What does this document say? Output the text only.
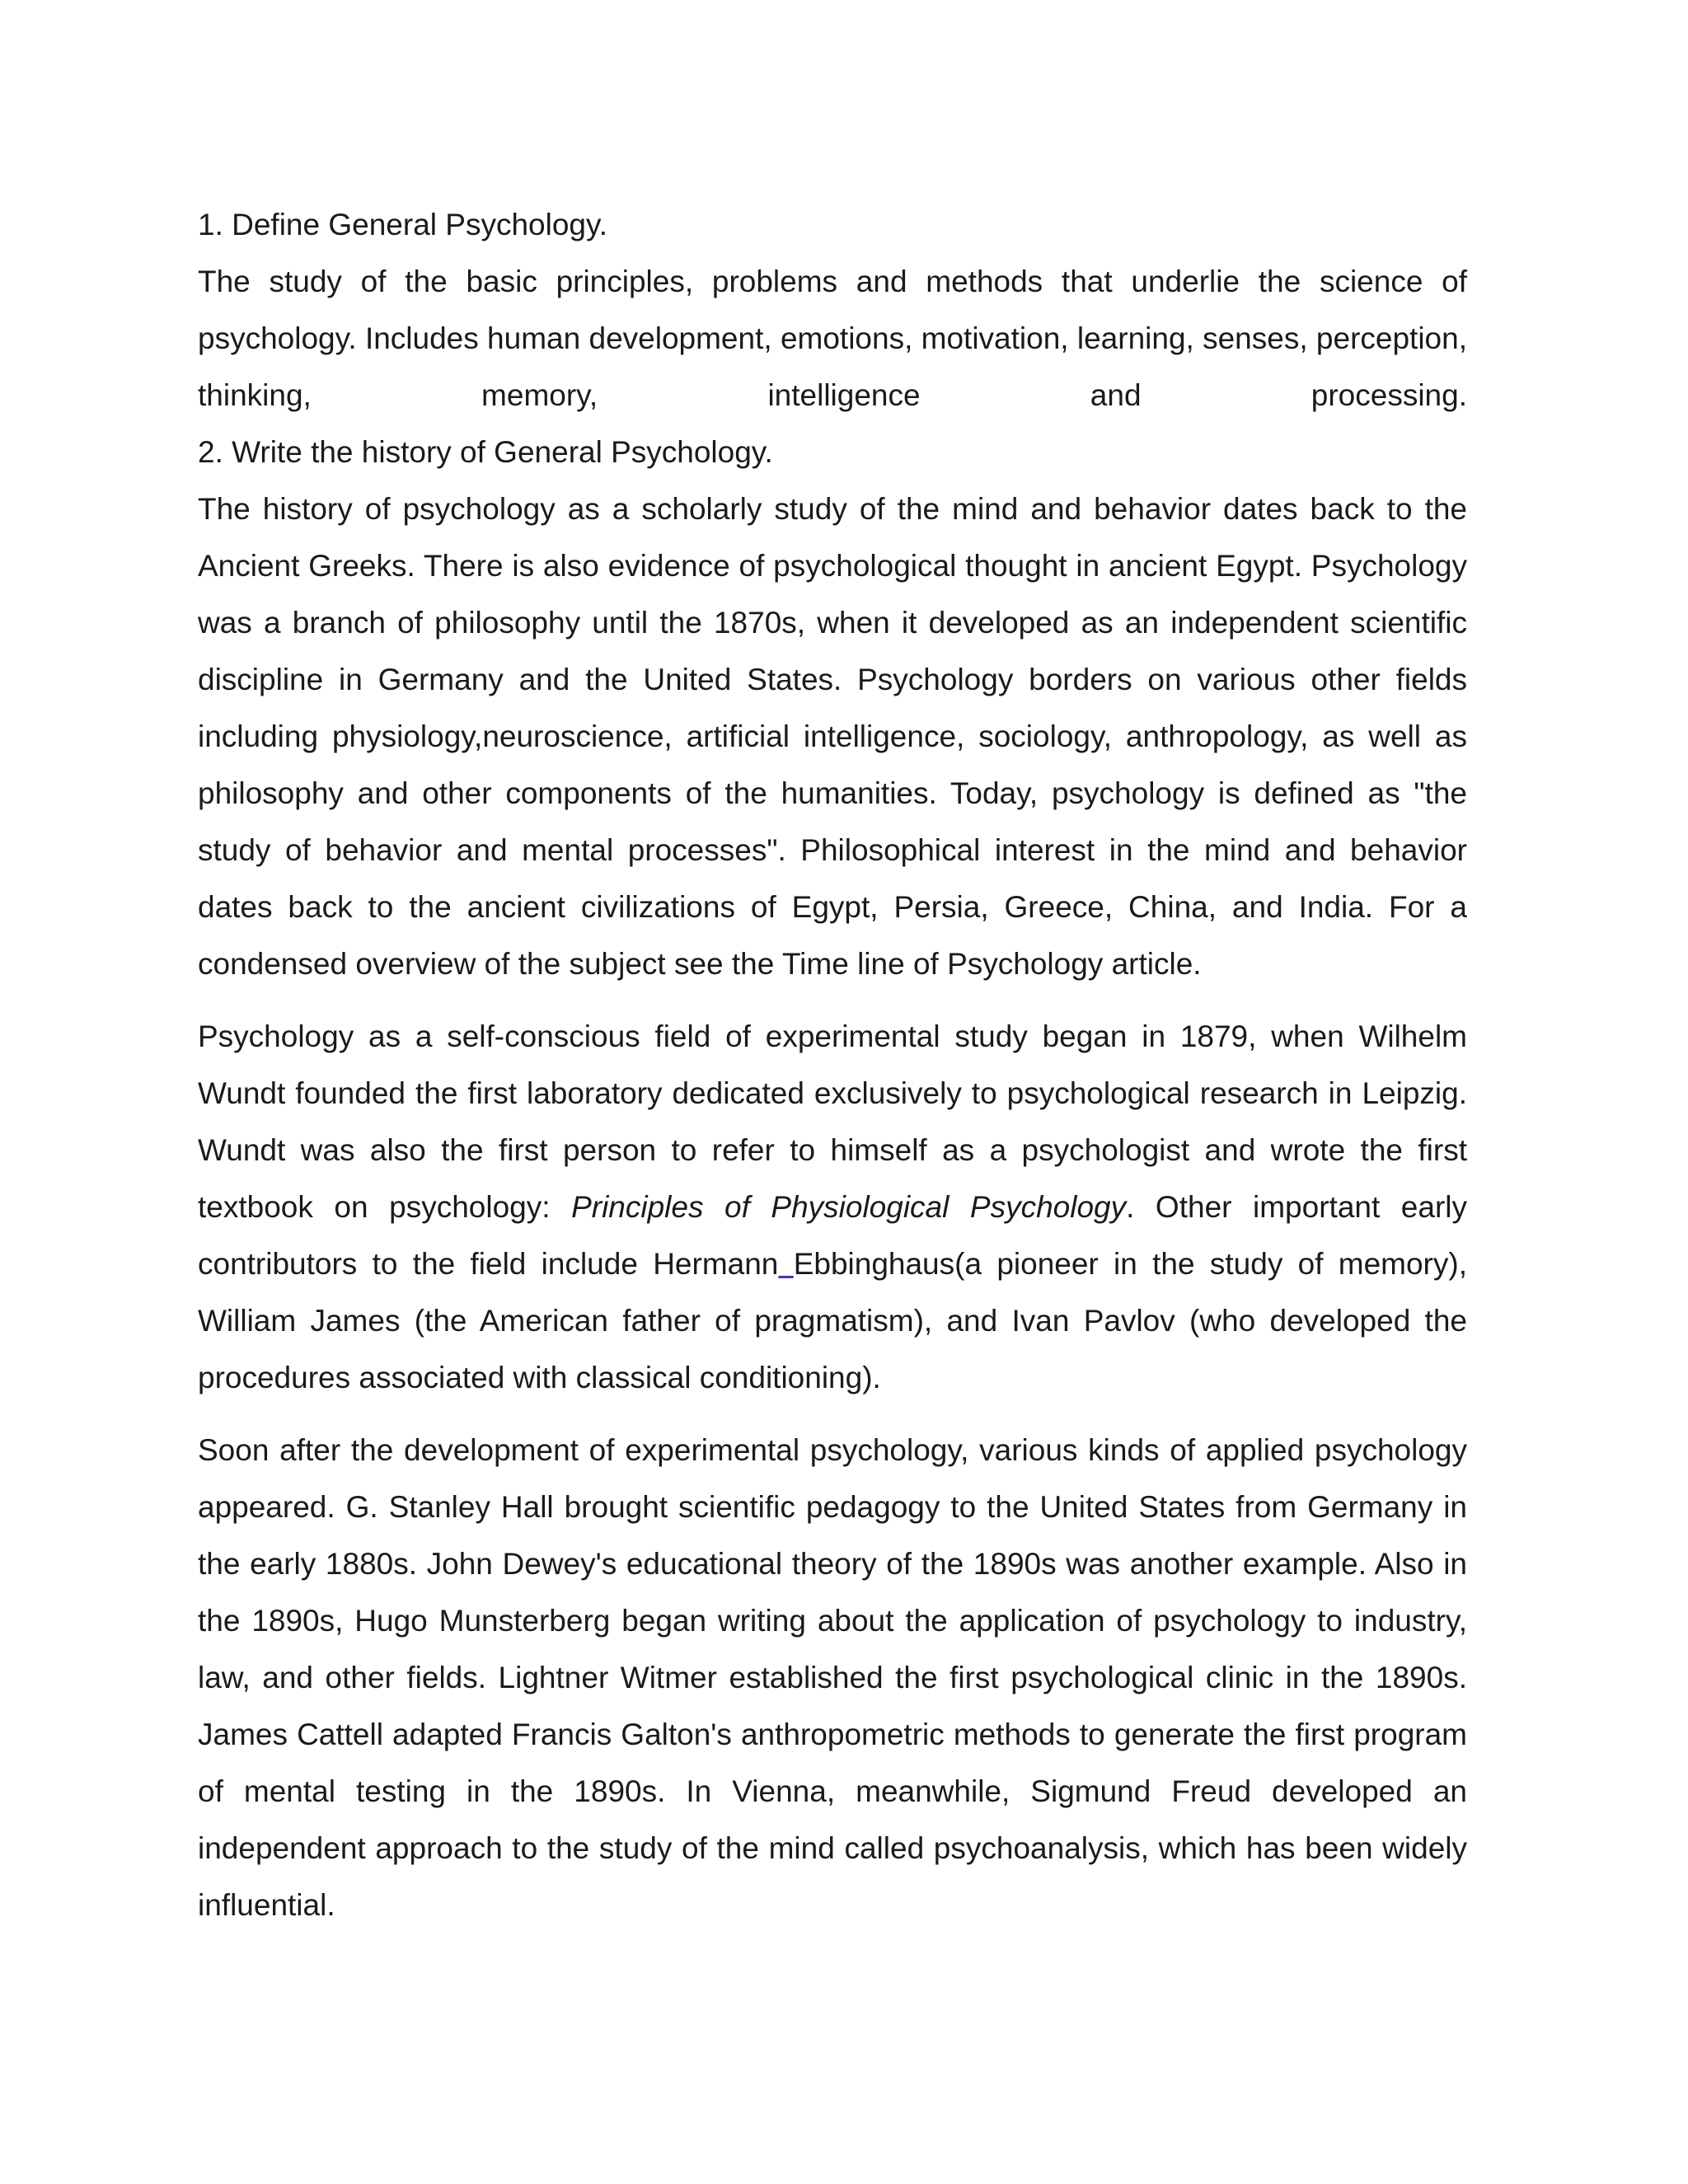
1. Define General Psychology.

The study of the basic principles, problems and methods that underlie the science of psychology. Includes human development, emotions, motivation, learning, senses, perception, thinking, memory, intelligence and processing.

2. Write the history of General Psychology.

The history of psychology as a scholarly study of the mind and behavior dates back to the Ancient Greeks. There is also evidence of psychological thought in ancient Egypt. Psychology was a branch of philosophy until the 1870s, when it developed as an independent scientific discipline in Germany and the United States. Psychology borders on various other fields including physiology,neuroscience, artificial intelligence, sociology, anthropology, as well as philosophy and other components of the humanities. Today, psychology is defined as "the study of behavior and mental processes". Philosophical interest in the mind and behavior dates back to the ancient civilizations of Egypt, Persia, Greece, China, and India. For a condensed overview of the subject see the Time line of Psychology article.

Psychology as a self-conscious field of experimental study began in 1879, when Wilhelm Wundt founded the first laboratory dedicated exclusively to psychological research in Leipzig. Wundt was also the first person to refer to himself as a psychologist and wrote the first textbook on psychology: Principles of Physiological Psychology. Other important early contributors to the field include Hermann Ebbinghaus(a pioneer in the study of memory), William James (the American father of pragmatism), and Ivan Pavlov (who developed the procedures associated with classical conditioning).

Soon after the development of experimental psychology, various kinds of applied psychology appeared. G. Stanley Hall brought scientific pedagogy to the United States from Germany in the early 1880s. John Dewey's educational theory of the 1890s was another example. Also in the 1890s, Hugo Munsterberg began writing about the application of psychology to industry, law, and other fields. Lightner Witmer established the first psychological clinic in the 1890s. James Cattell adapted Francis Galton's anthropometric methods to generate the first program of mental testing in the 1890s. In Vienna, meanwhile, Sigmund Freud developed an independent approach to the study of the mind called psychoanalysis, which has been widely influential.
